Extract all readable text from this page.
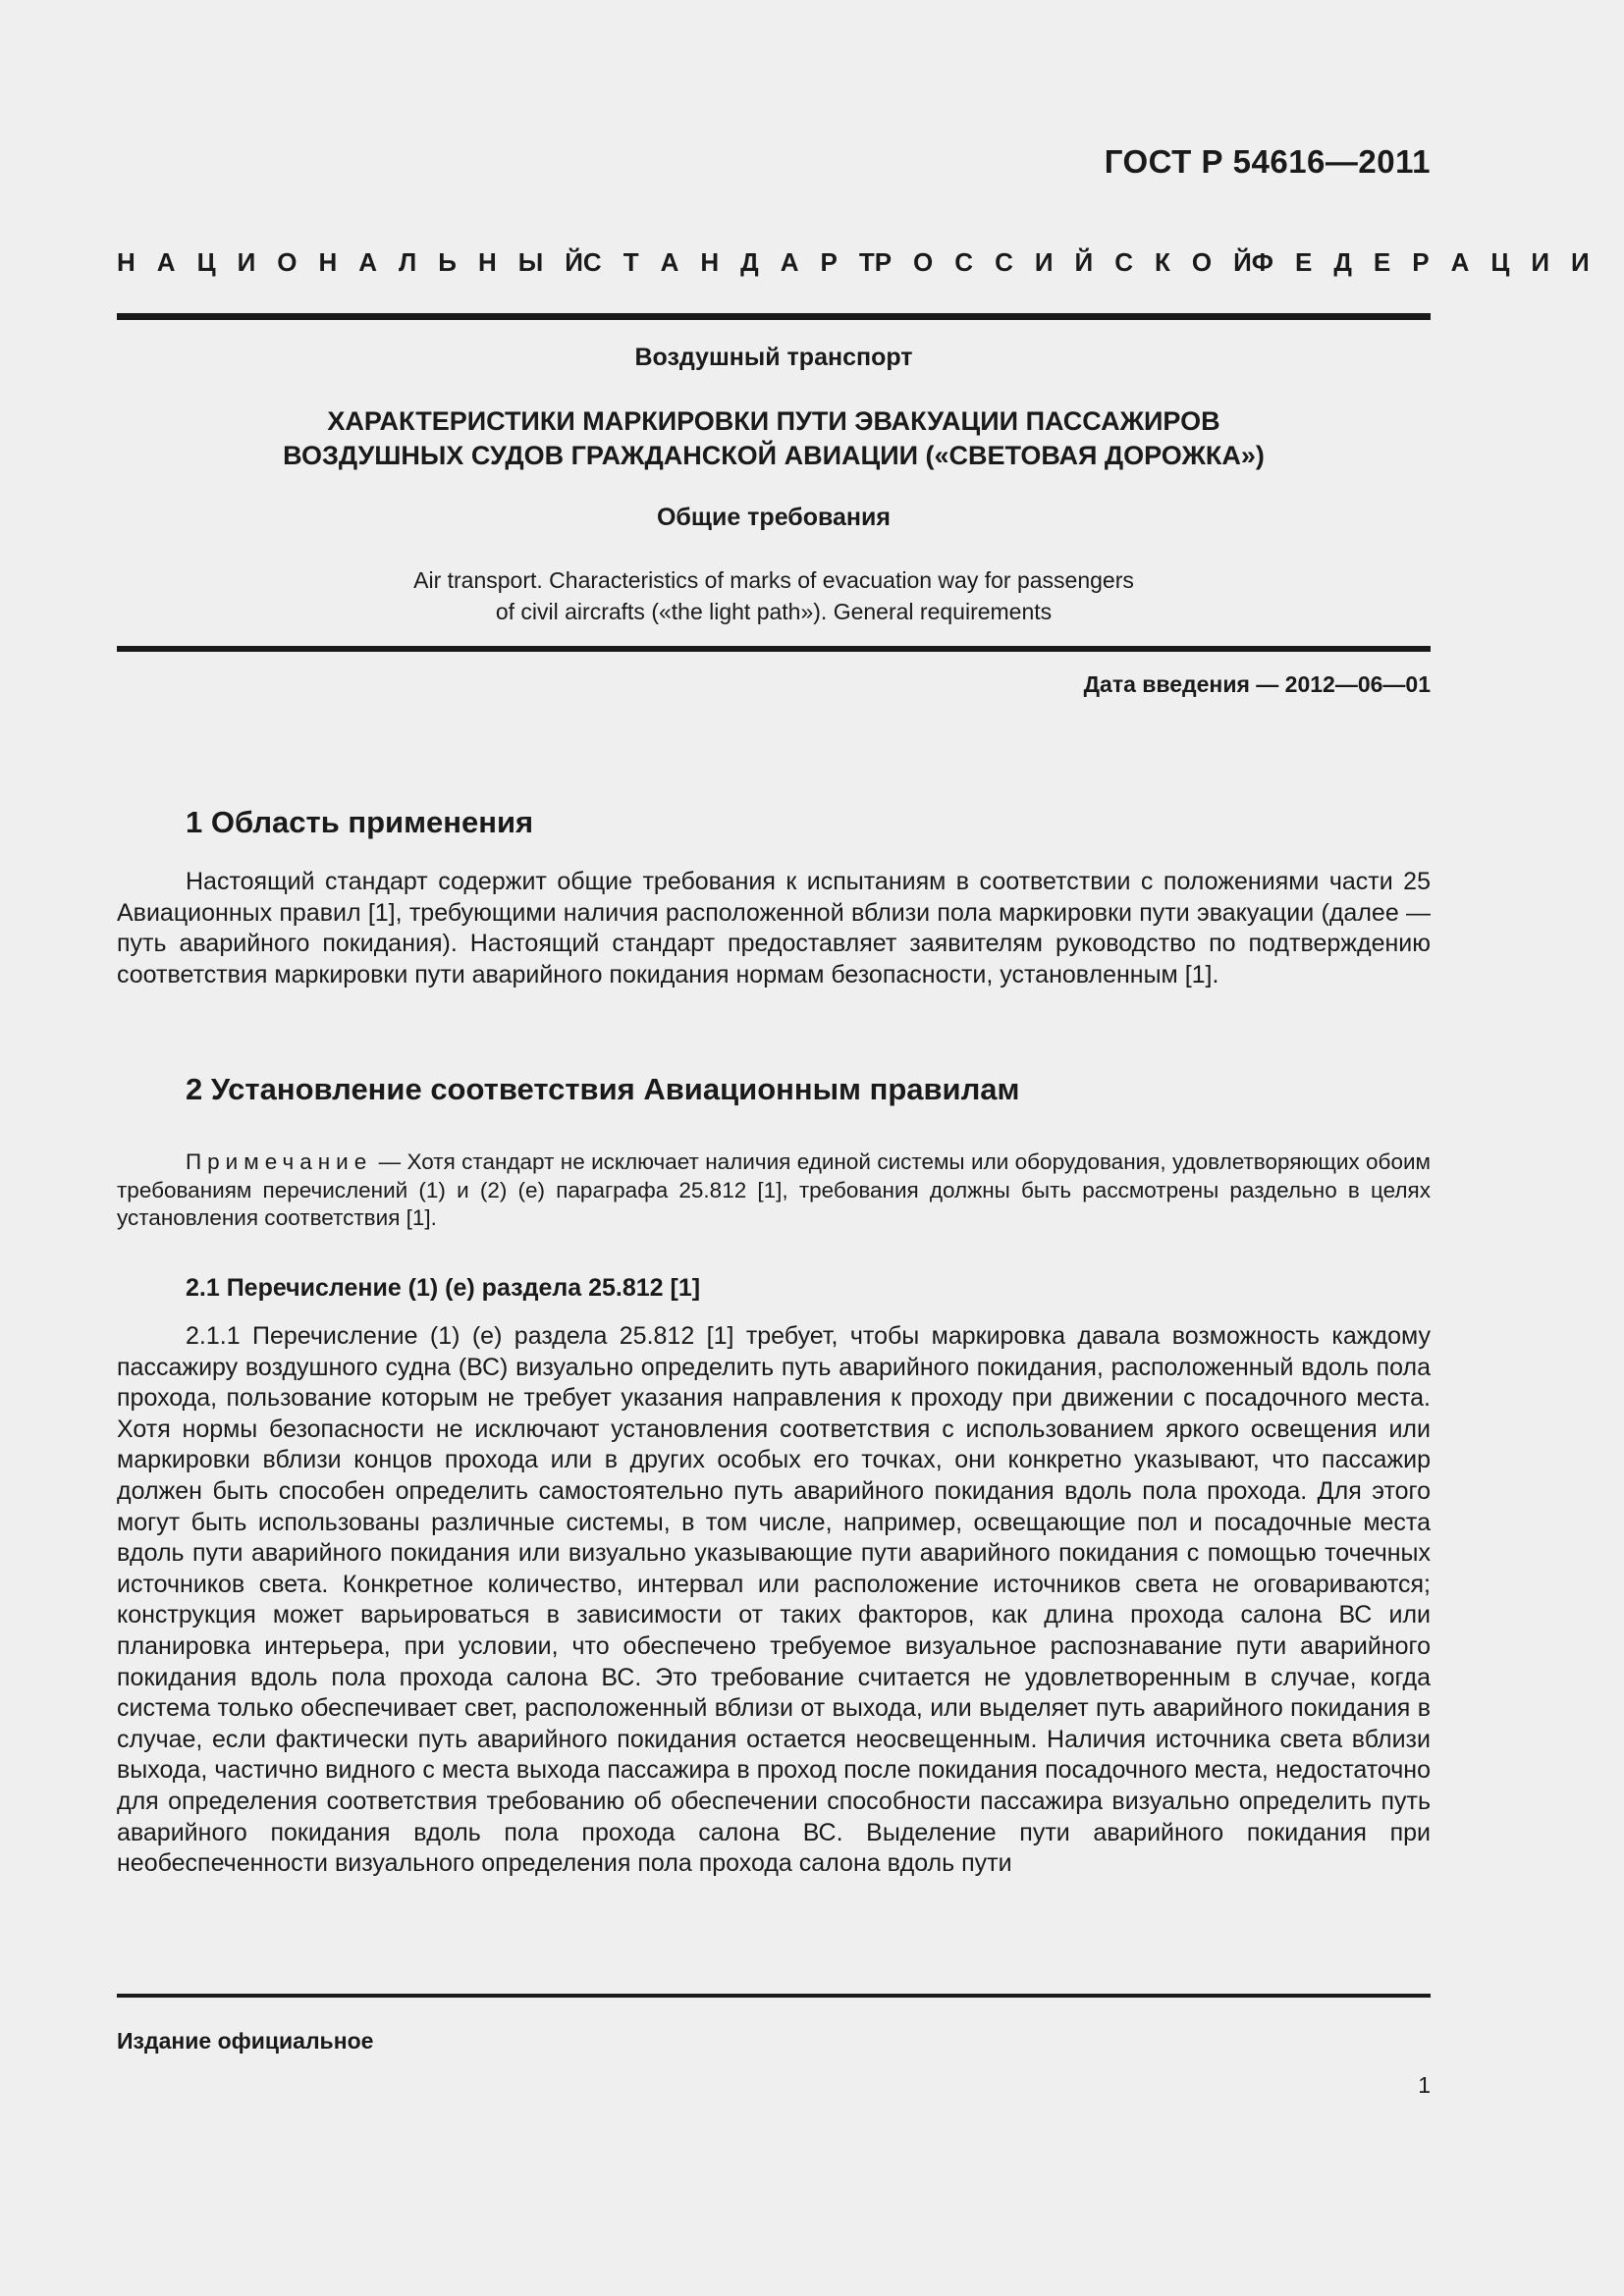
ГОСТ Р 54616—2011
Н А Ц И О Н А Л Ь Н Ы Й С Т А Н Д А Р Т Р О С С И Й С К О Й Ф Е Д Е Р А Ц И И
Воздушный транспорт
ХАРАКТЕРИСТИКИ МАРКИРОВКИ ПУТИ ЭВАКУАЦИИ ПАССАЖИРОВ
ВОЗДУШНЫХ СУДОВ ГРАЖДАНСКОЙ АВИАЦИИ («СВЕТОВАЯ ДОРОЖКА»)
Общие требования
Air transport. Characteristics of marks of evacuation way for passengers
of civil aircrafts («the light path»). General requirements
Дата введения — 2012—06—01
1 Область применения
Настоящий стандарт содержит общие требования к испытаниям в соответствии с положениями части 25 Авиационных правил [1], требующими наличия расположенной вблизи пола маркировки пути эвакуации (далее — путь аварийного покидания). Настоящий стандарт предоставляет заявителям руководство по подтверждению соответствия маркировки пути аварийного покидания нормам безопасности, установленным [1].
2 Установление соответствия Авиационным правилам
Примечание — Хотя стандарт не исключает наличия единой системы или оборудования, удовлетворяющих обоим требованиям перечислений (1) и (2) (е) параграфа 25.812 [1], требования должны быть рассмотрены раздельно в целях установления соответствия [1].
2.1 Перечисление (1) (е) раздела 25.812 [1]
2.1.1 Перечисление (1) (е) раздела 25.812 [1] требует, чтобы маркировка давала возможность каждому пассажиру воздушного судна (ВС) визуально определить путь аварийного покидания, расположенный вдоль пола прохода, пользование которым не требует указания направления к проходу при движении с посадочного места. Хотя нормы безопасности не исключают установления соответствия с использованием яркого освещения или маркировки вблизи концов прохода или в других особых его точках, они конкретно указывают, что пассажир должен быть способен определить самостоятельно путь аварийного покидания вдоль пола прохода. Для этого могут быть использованы различные системы, в том числе, например, освещающие пол и посадочные места вдоль пути аварийного покидания или визуально указывающие пути аварийного покидания с помощью точечных источников света. Конкретное количество, интервал или расположение источников света не оговариваются; конструкция может варьироваться в зависимости от таких факторов, как длина прохода салона ВС или планировка интерьера, при условии, что обеспечено требуемое визуальное распознавание пути аварийного покидания вдоль пола прохода салона ВС. Это требование считается не удовлетворенным в случае, когда система только обеспечивает свет, расположенный вблизи от выхода, или выделяет путь аварийного покидания в случае, если фактически путь аварийного покидания остается неосвещенным. Наличия источника света вблизи выхода, частично видного с места выхода пассажира в проход после покидания посадочного места, недостаточно для определения соответствия требованию об обеспечении способности пассажира визуально определить путь аварийного покидания вдоль пола прохода салона ВС. Выделение пути аварийного покидания при необеспеченности визуального определения пола прохода салона вдоль пути
Издание официальное
1
